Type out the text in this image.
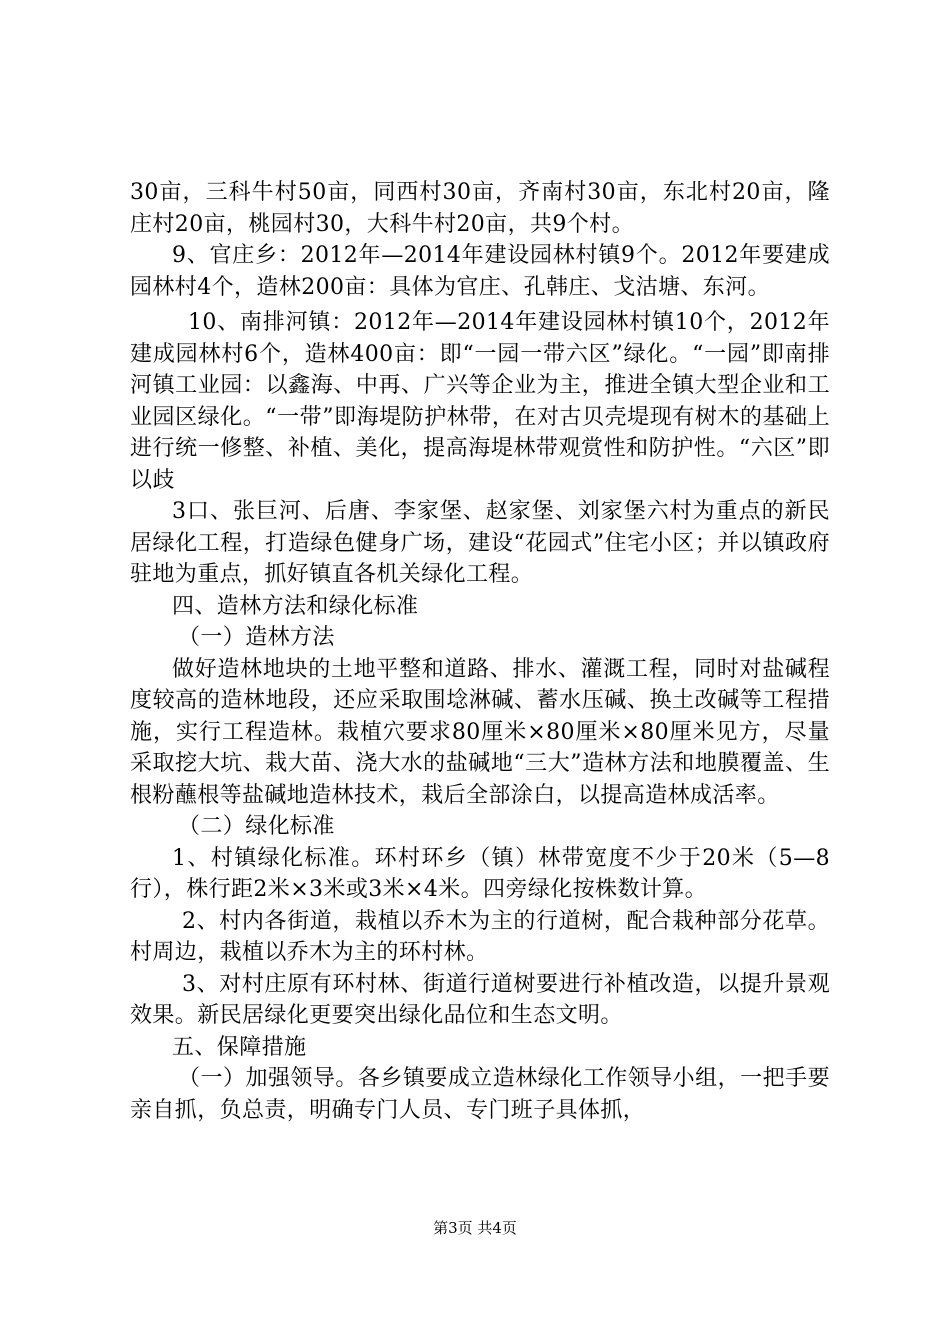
30亩，三科牛村50亩，同西村30亩，齐南村30亩，东北村20亩，隆庄村20亩，桃园村30，大科牛村20亩，共9个村。

9、官庄乡：2012年—2014年建设园林村镇9个。2012年要建成园林村4个，造林200亩：具体为官庄、孔韩庄、戈沽塘、东河。

10、南排河镇：2012年—2014年建设园林村镇10个，2012年建成园林村6个，造林400亩：即“一园一带六区”绿化。“一园”即南排河镇工业园：以鑫海、中再、广兴等企业为主，推进全镇大型企业和工业园区绿化。“一带”即海堤防护林带，在对古贝壳堤现有树木的基础上进行统一修整、补植、美化，提高海堤林带观赏性和防护性。“六区”即以歧

3口、张巨河、后唐、李家堡、赵家堡、刘家堡六村为重点的新民居绿化工程，打造绿色健身广场，建设“花园式”住宅小区；并以镇政府驻地为重点，抓好镇直各机关绿化工程。

四、造林方法和绿化标准

（一）造林方法

做好造林地块的土地平整和道路、排水、灌溉工程，同时对盐碱程度较高的造林地段，还应采取围埝淋碱、蓄水压碱、换土改碱等工程措施，实行工程造林。栽植穴要求80厘米×80厘米×80厘米见方，尽量采取挖大坑、栽大苗、浇大水的盐碱地“三大”造林方法和地膜覆盖、生根粉蘸根等盐碱地造林技术，栽后全部涂白，以提高造林成活率。

（二）绿化标准

1、村镇绿化标准。环村环乡（镇）林带宽度不少于20米（5—8行），株行距2米×3米或3米×4米。四旁绿化按株数计算。

2、村内各街道，栽植以乔木为主的行道树，配合栽种部分花草。村周边，栽植以乔木为主的环村林。

3、对村庄原有环村林、街道行道树要进行补植改造，以提升景观效果。新民居绿化更要突出绿化品位和生态文明。

五、保障措施

（一）加强领导。各乡镇要成立造林绿化工作领导小组，一把手要亲自抓，负总责，明确专门人员、专门班子具体抓，

第3页 共4页
